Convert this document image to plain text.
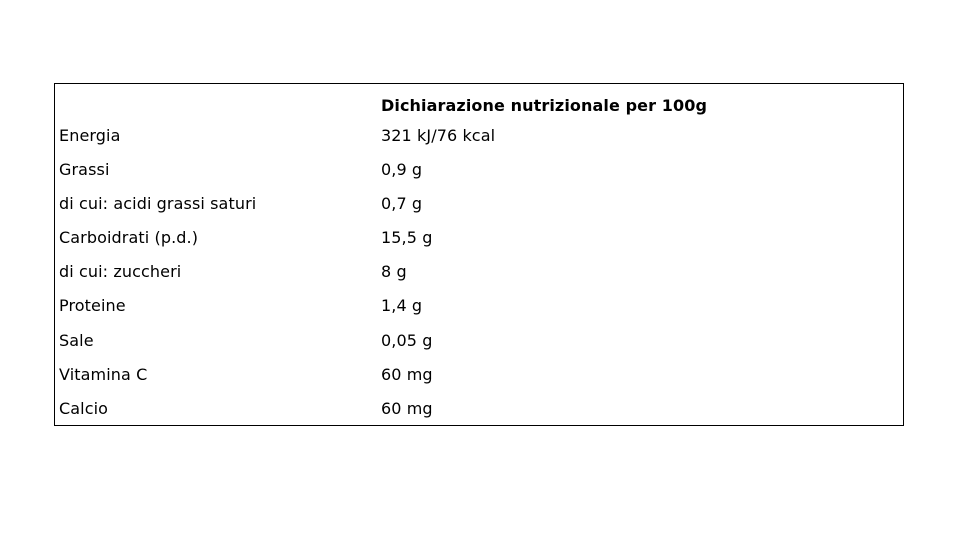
Dichiarazione nutrizionale per 100g
Energia	321 kJ/76 kcal
Grassi	0,9 g
di cui: acidi grassi saturi	0,7 g
Carboidrati (p.d.)	15,5 g
di cui: zuccheri	8 g
Proteine	1,4 g
Sale	0,05 g
Vitamina C	60 mg
Calcio	60 mg
